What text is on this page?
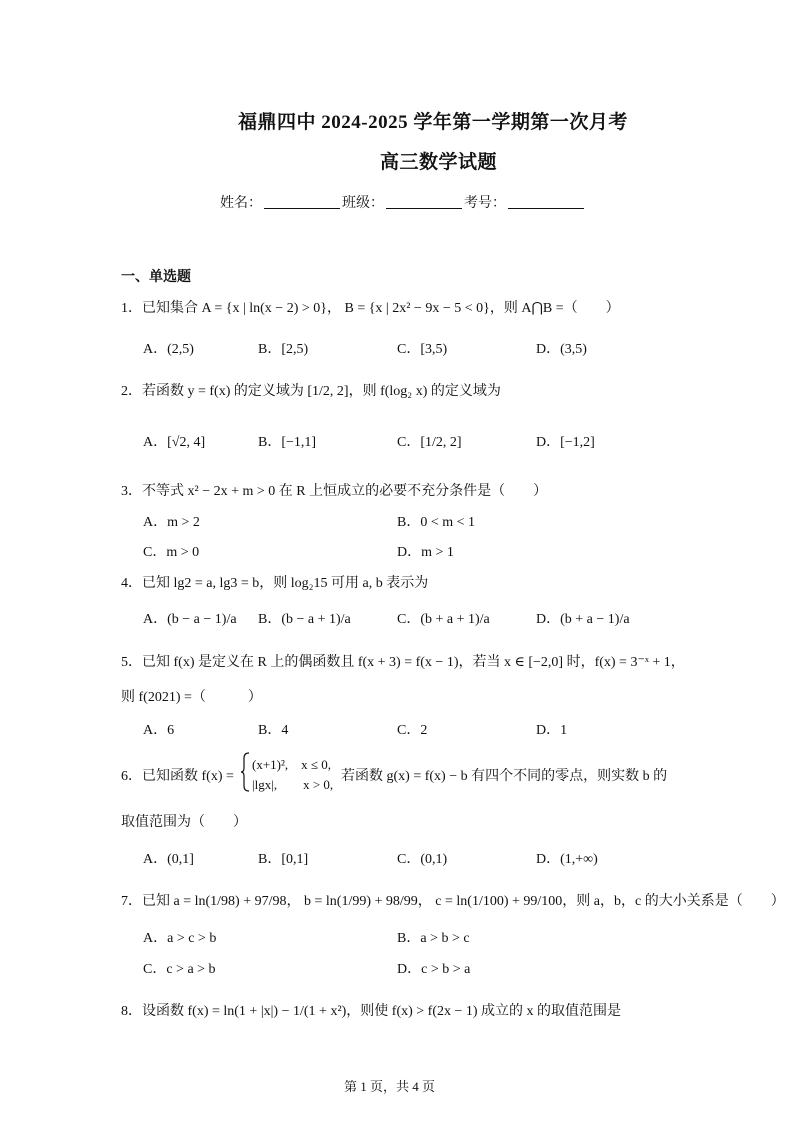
福鼎四中 2024-2025 学年第一学期第一次月考
高三数学试题
姓名：	班级：	考号：
一、单选题
1．已知集合 A = {x | ln(x − 2) > 0}， B = {x | 2x² − 9x − 5 < 0}，则 A⋂B =（　　）
A．(2,5)	B．[2,5)	C．[3,5)	D．(3,5)
2．若函数 y = f(x) 的定义域为 [1/2, 2]，则 f(log₂ x) 的定义域为
A．[√2, 4]	B．[−1,1]	C．[1/2, 2]	D．[−1,2]
3．不等式 x² − 2x + m > 0 在 R 上恒成立的必要不充分条件是（　　）
A．m > 2	B．0 < m < 1
C．m > 0	D．m > 1
4．已知 lg2 = a, lg3 = b，则 log₂15 可用 a, b 表示为
A．(b − a − 1)/a B．(b − a + 1)/a	C．(b + a + 1)/a	D．(b + a − 1)/a
5．已知 f(x) 是定义在 R 上的偶函数且 f(x + 3) = f(x − 1)，若当 x ∈ [−2,0] 时，f(x) = 3⁻ˣ + 1，
则 f(2021) =（　　　）
A．6	B．4	C．2	D．1
6．已知函数 f(x) =
(x+1)²,　x ≤ 0,
|lgx|,　　x > 0,
若函数 g(x) = f(x) − b 有四个不同的零点，则实数 b 的
取值范围为（　　）
A．(0,1]	B．[0,1]	C．(0,1)	D．(1,+∞)
7．已知 a = ln(1/98) + 97/98， b = ln(1/99) + 98/99， c = ln(1/100) + 99/100，则 a，b，c 的大小关系是（　　）
A．a > c > b	B．a > b > c
C．c > a > b	D．c > b > a
8．设函数 f(x) = ln(1 + |x|) − 1/(1 + x²)，则使 f(x) > f(2x − 1) 成立的 x 的取值范围是
第 1 页，共 4 页
